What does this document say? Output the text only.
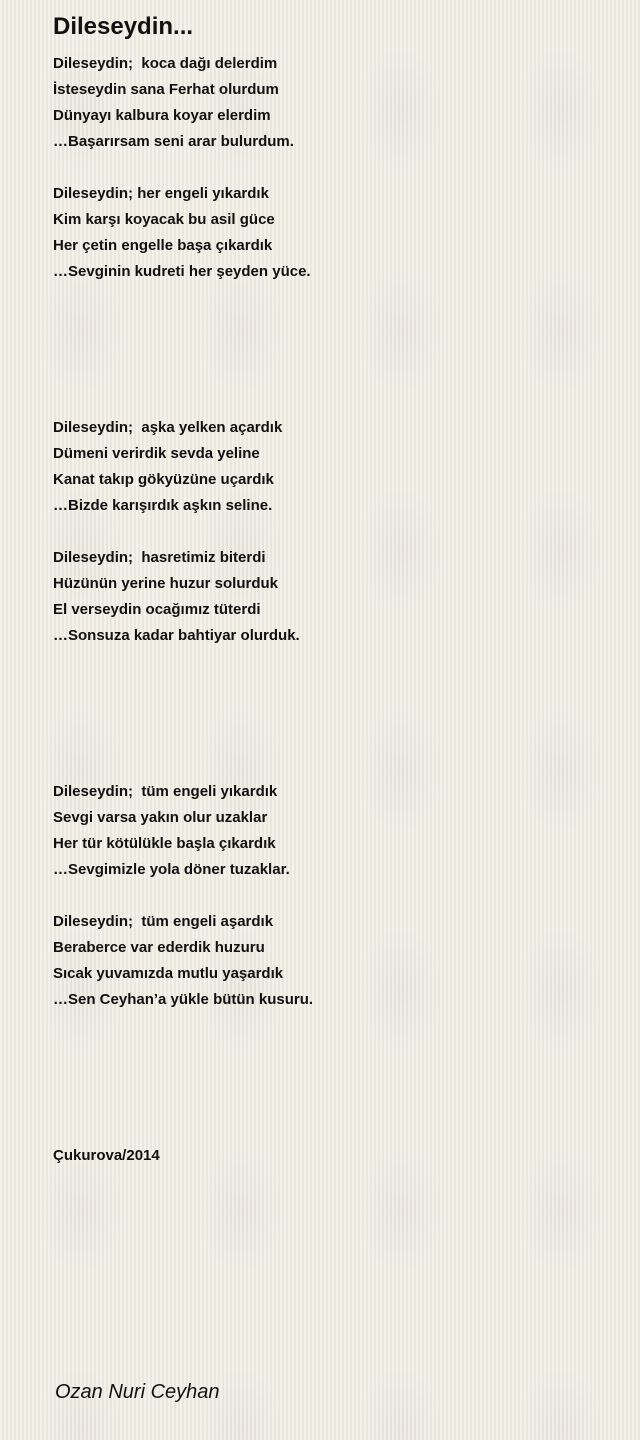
Dileseydin...
Dileseydin;  koca dağı delerdim
İsteseydin sana Ferhat olurdum
Dünyayı kalbura koyar elerdim
…Başarırsam seni arar bulurdum.
Dileseydin; her engeli yıkardık
Kim karşı koyacak bu asil güce
Her çetin engelle başa çıkardık
…Sevginin kudreti her şeyden yüce.
Dileseydin;  aşka yelken açardık
Dümeni verirdik sevda yeline
Kanat takıp gökyüzüne uçardık
…Bizde karışırdık aşkın seline.
Dileseydin;  hasretimiz biterdi
Hüzünün yerine huzur solurduk
El verseydin ocağımız tüterdi
…Sonsuza kadar bahtiyar olurduk.
Dileseydin;  tüm engeli yıkardık
Sevgi varsa yakın olur uzaklar
Her tür kötülükle başla çıkardık
…Sevgimizle yola döner tuzaklar.
Dileseydin;  tüm engeli aşardık
Beraberce var ederdik huzuru
Sıcak yuvamızda mutlu yaşardık
…Sen Ceyhan’a yükle bütün kusuru.
Çukurova/2014
Ozan Nuri Ceyhan
